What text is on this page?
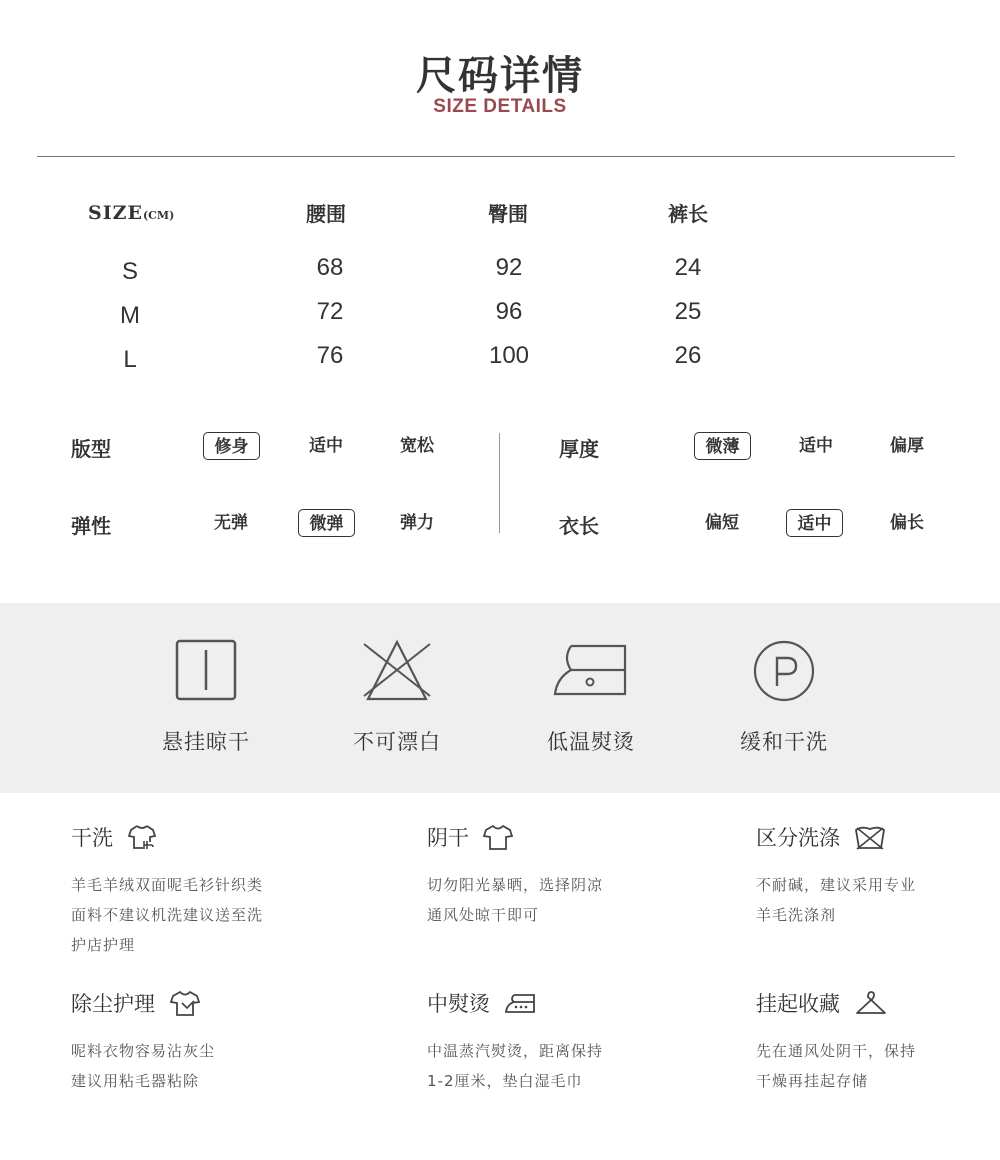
尺码详情
SIZE DETAILS
SIZE(CM)	腰围	臀围	裤长
S	68	92	24
M	72	96	25
L	76	100	26
版型	修身	适中	宽松
弹性	无弹	微弹	弹力
厚度	微薄	适中	偏厚
衣长	偏短	适中	偏长
悬挂晾干	不可漂白	低温熨烫	缓和干洗
干洗
羊毛羊绒双面呢毛衫针织类
面料不建议机洗建议送至洗
护店护理
阴干
切勿阳光暴晒，选择阴凉
通风处晾干即可
区分洗涤
不耐碱，建议采用专业
羊毛洗涤剂
除尘护理
呢料衣物容易沾灰尘
建议用粘毛器粘除
中熨烫
中温蒸汽熨烫，距离保持
1-2厘米，垫白湿毛巾
挂起收藏
先在通风处阴干，保持
干燥再挂起存储
